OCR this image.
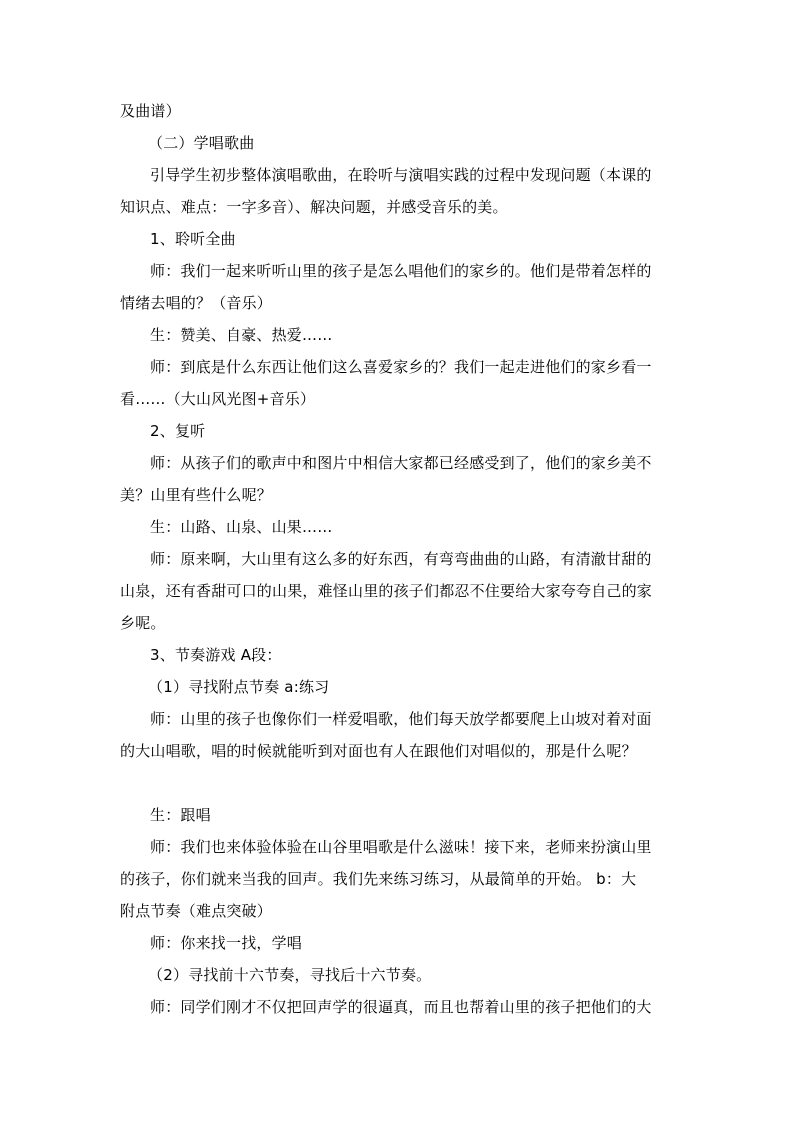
及曲谱）
（二）学唱歌曲
引导学生初步整体演唱歌曲，在聆听与演唱实践的过程中发现问题（本课的
知识点、难点：一字多音）、解决问题，并感受音乐的美。
1、聆听全曲
师：我们一起来听听山里的孩子是怎么唱他们的家乡的。他们是带着怎样的
情绪去唱的？（音乐）
生：赞美、自豪、热爱……
师：到底是什么东西让他们这么喜爱家乡的？我们一起走进他们的家乡看一
看……（大山风光图+音乐）
2、复听
师：从孩子们的歌声中和图片中相信大家都已经感受到了，他们的家乡美不
美？山里有些什么呢？
生：山路、山泉、山果……
师：原来啊，大山里有这么多的好东西，有弯弯曲曲的山路，有清澈甘甜的
山泉，还有香甜可口的山果，难怪山里的孩子们都忍不住要给大家夸夸自己的家
乡呢。
3、节奏游戏 A段：
（1）寻找附点节奏 a:练习
师：山里的孩子也像你们一样爱唱歌，他们每天放学都要爬上山坡对着对面
的大山唱歌，唱的时候就能听到对面也有人在跟他们对唱似的，那是什么呢？
生：跟唱
师：我们也来体验体验在山谷里唱歌是什么滋味！接下来，老师来扮演山里
的孩子，你们就来当我的回声。我们先来练习练习，从最简单的开始。 b：大
附点节奏（难点突破）
师：你来找一找，学唱
（2）寻找前十六节奏，寻找后十六节奏。
师：同学们刚才不仅把回声学的很逼真，而且也帮着山里的孩子把他们的大
